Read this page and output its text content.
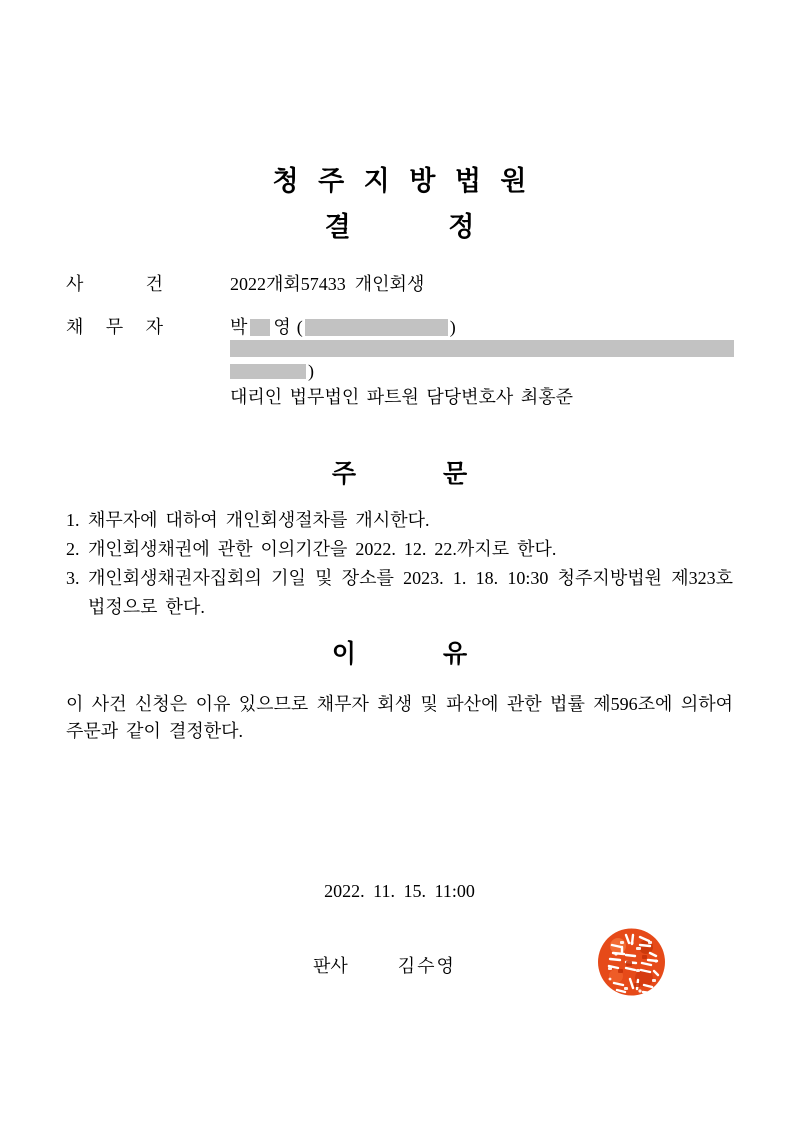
청 주 지 방 법 원
결 정
사	건	2022개회57433  개인회생
채 무 자	박 영 (	)
)
대리인 법무법인 파트원 담당변호사 최홍준
주 문
1. 채무자에 대하여 개인회생절차를 개시한다.
2. 개인회생채권에 관한 이의기간을 2022. 12. 22.까지로 한다.
3. 개인회생채권자집회의 기일 및 장소를 2023. 1. 18. 10:30 청주지방법원 제323호 법정으로 한다.
이 유
이 사건 신청은 이유 있으므로 채무자 회생 및 파산에 관한 법률 제596조에 의하여 주문과 같이 결정한다.
2022. 11. 15. 11:00
판사	김수영
